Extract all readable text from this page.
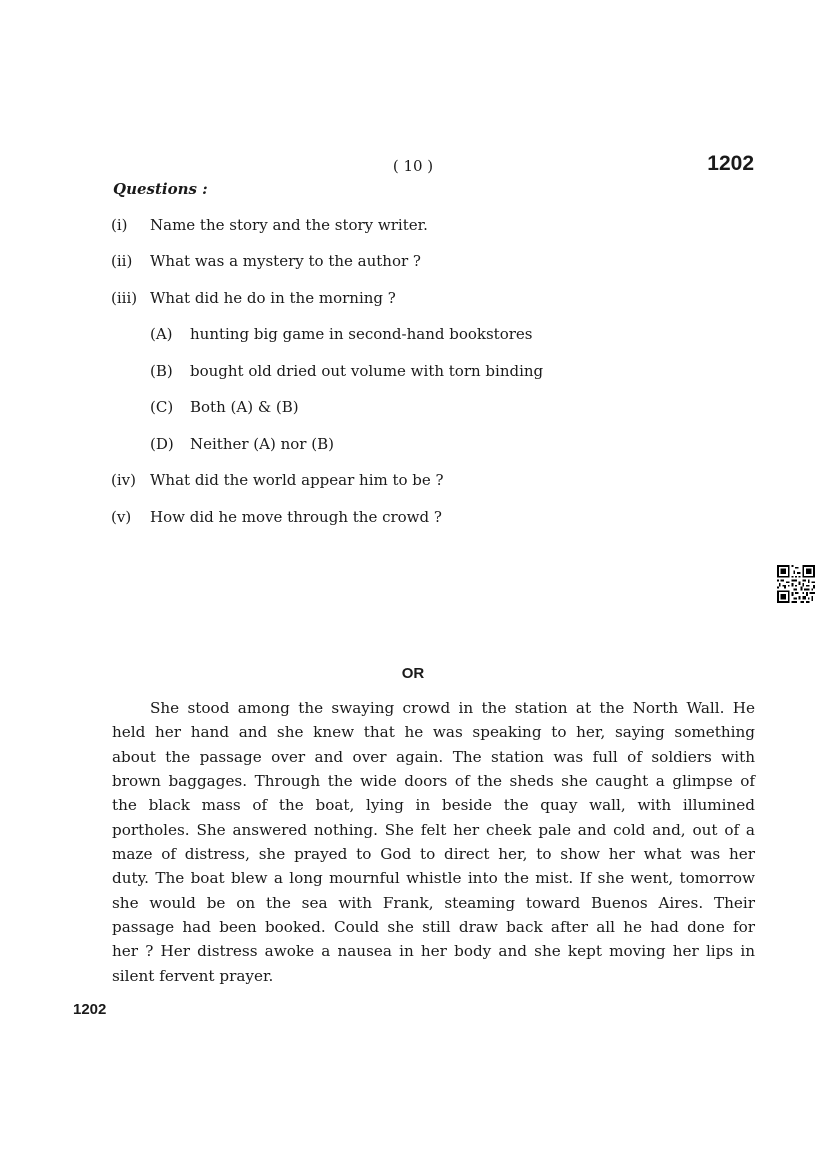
( 10 )	1202
Questions :
(i)	Name the story and the story writer.
(ii)	What was a mystery to the author ?
(iii) What did he do in the morning ?
(A)	hunting big game in second-hand bookstores
(B)	bought old dried out volume with torn binding
(C)	Both (A) & (B)
(D)	Neither (A) nor (B)
(iv) What did the world appear him to be ?
(v)	How did he move through the crowd ?
OR
She stood among the swaying crowd in the station at the North Wall. He
held her hand and she knew that he was speaking to her, saying something
about the passage over and over again. The station was full of soldiers with
brown baggages. Through the wide doors of the sheds she caught a glimpse of
the black mass of the boat, lying in beside the quay wall, with illumined
portholes. She answered nothing. She felt her cheek pale and cold and, out of a
maze of distress, she prayed to God to direct her, to show her what was her
duty. The boat blew a long mournful whistle into the mist. If she went, tomorrow
she would be on the sea with Frank, steaming toward Buenos Aires. Their
passage had been booked. Could she still draw back after all he had done for
her ? Her distress awoke a nausea in her body and she kept moving her lips in
silent fervent prayer.
1202
